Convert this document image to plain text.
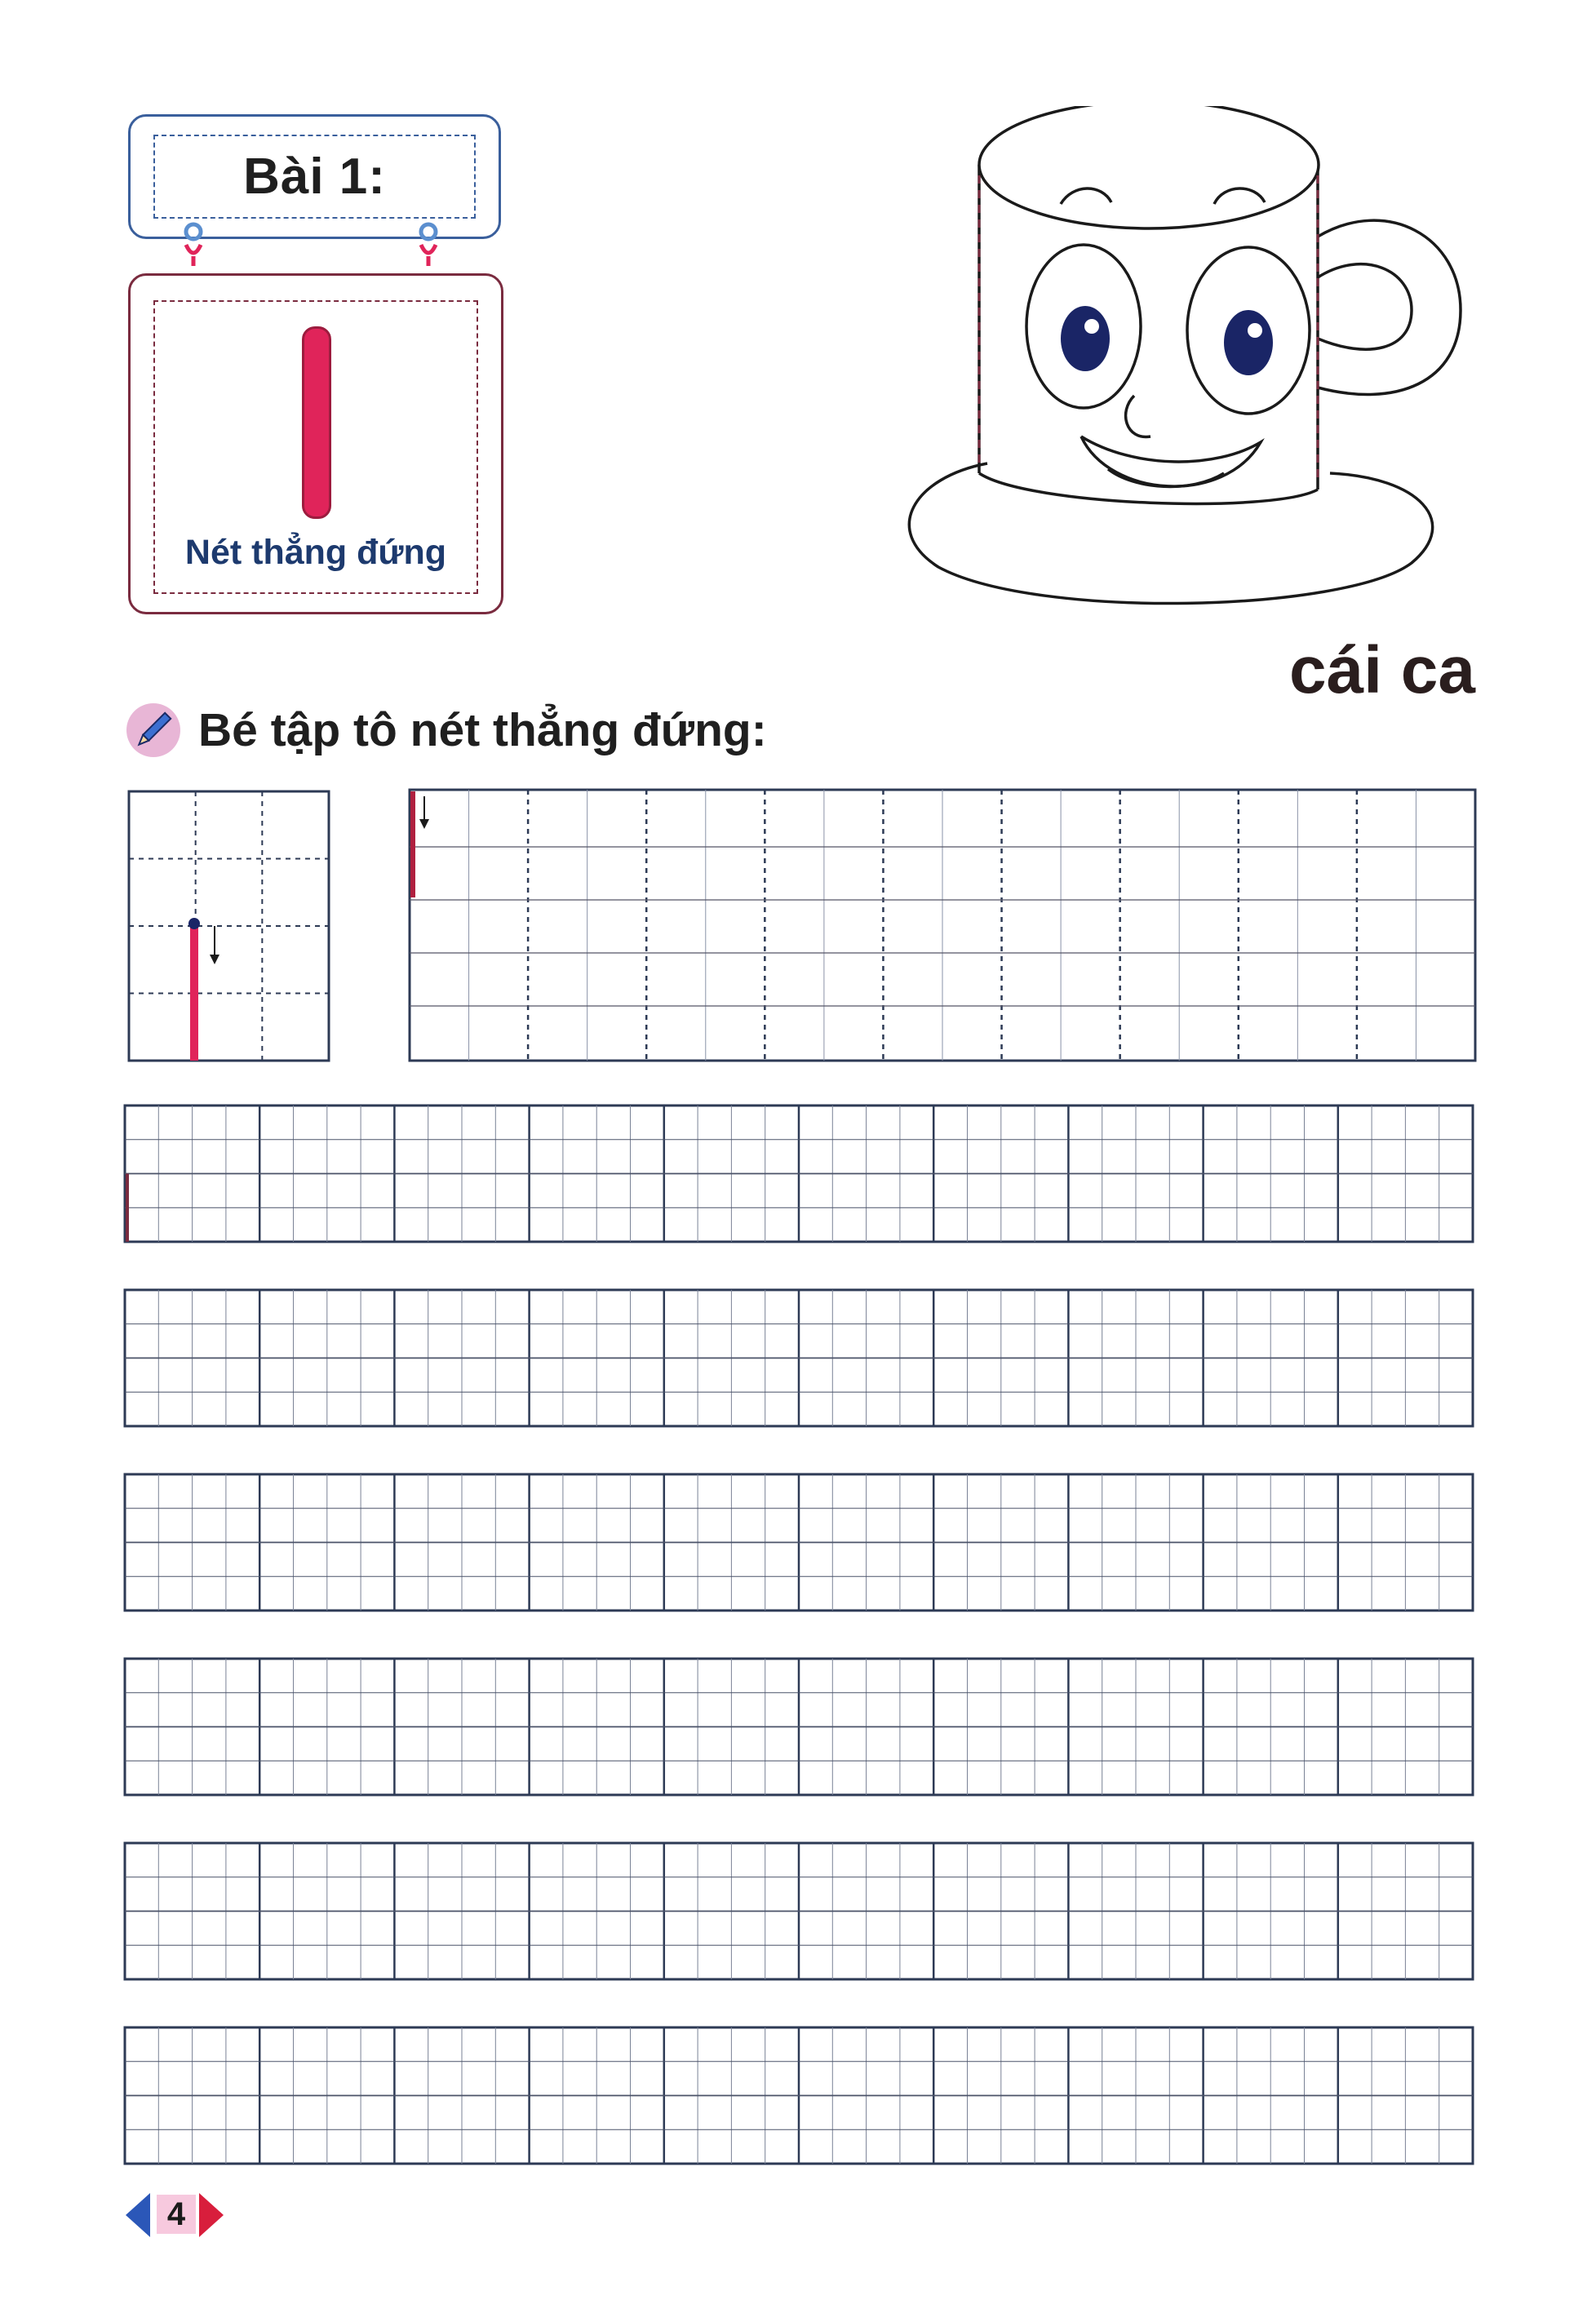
Bài 1:
Nét thẳng đứng
cái ca
Bé tập tô nét thẳng đứng:
4
